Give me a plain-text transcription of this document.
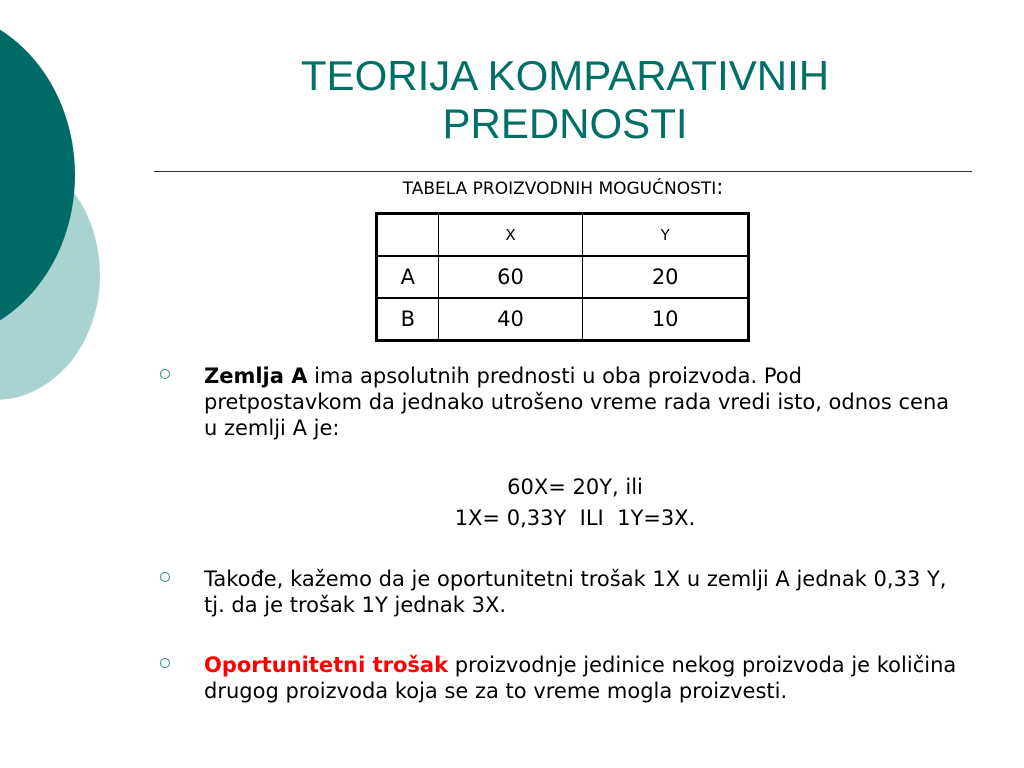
TEORIJA KOMPARATIVNIH
PREDNOSTI
TABELA PROIZVODNIH MOGUĆNOSTI:
	X	Y
A	60	20
B	40	10
Zemlja A ima apsolutnih prednosti u oba proizvoda. Pod pretpostavkom da jednako utrošeno vreme rada vredi isto, odnos cena u zemlji A je:
60X= 20Y, ili
1X= 0,33Y  ILI  1Y=3X.
Takođe, kažemo da je oportunitetni trošak 1X u zemlji A jednak 0,33 Y, tj. da je trošak 1Y jednak 3X.
Oportunitetni trošak proizvodnje jedinice nekog proizvoda je količina drugog proizvoda koja se za to vreme mogla proizvesti.
